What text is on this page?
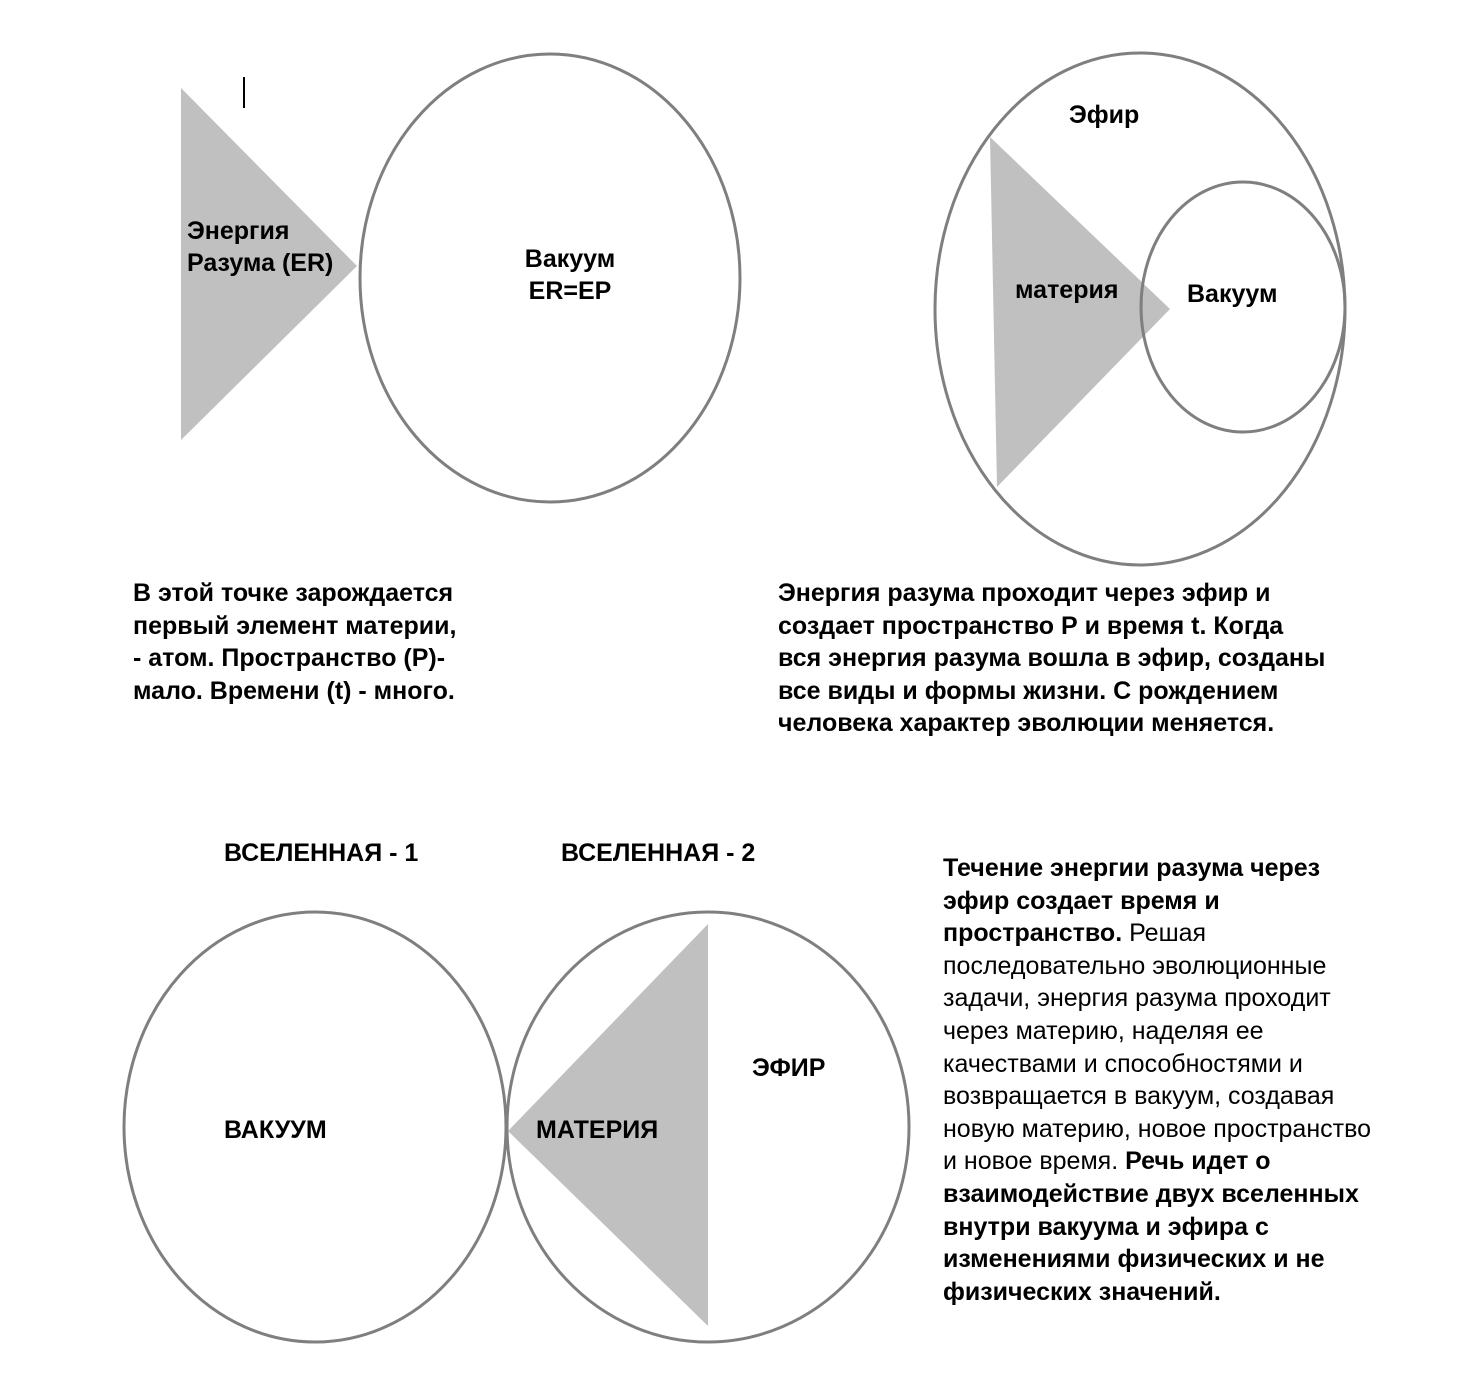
Энергия
Разума (ER)	Вакуум
ER=EP
Эфир
материя	Вакуум
В этой точке зарождается
первый элемент материи,
- атом. Пространство (Р)-
мало. Времени (t) - много.
Энергия разума проходит через эфир и
создает пространство Р и время t. Когда
вся энергия разума вошла в эфир, созданы
все виды и формы жизни. С рождением
человека характер эволюции меняется.
ВСЕЛЕННАЯ - 1	ВСЕЛЕННАЯ - 2
ВАКУУМ	МАТЕРИЯ
ЭФИР
Течение энергии разума через
эфир создает время и
пространство. Решая
последовательно эволюционные
задачи, энергия разума проходит
через материю, наделяя ее
качествами и способностями и
возвращается в вакуум, создавая
новую материю, новое пространство
и новое время. Речь идет о
взаимодействие двух вселенных
внутри вакуума и эфира с
изменениями физических и не
физических значений.
